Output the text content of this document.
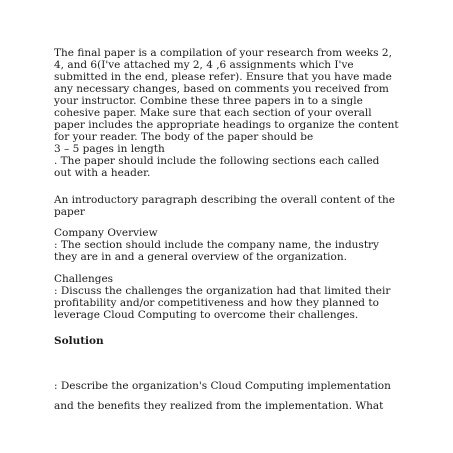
The final paper is a compilation of your research from weeks 2,
4, and 6(I've attached my 2, 4 ,6 assignments which I've
submitted in the end, please refer). Ensure that you have made
any necessary changes, based on comments you received from
your instructor. Combine these three papers in to a single
cohesive paper. Make sure that each section of your overall
paper includes the appropriate headings to organize the content
for your reader. The body of the paper should be
3 – 5 pages in length
. The paper should include the following sections each called
out with a header.
An introductory paragraph describing the overall content of the
paper
Company Overview
: The section should include the company name, the industry
they are in and a general overview of the organization.
Challenges
: Discuss the challenges the organization had that limited their
profitability and/or competitiveness and how they planned to
leverage Cloud Computing to overcome their challenges.
Solution
: Describe the organization's Cloud Computing implementation
and the benefits they realized from the implementation. What
